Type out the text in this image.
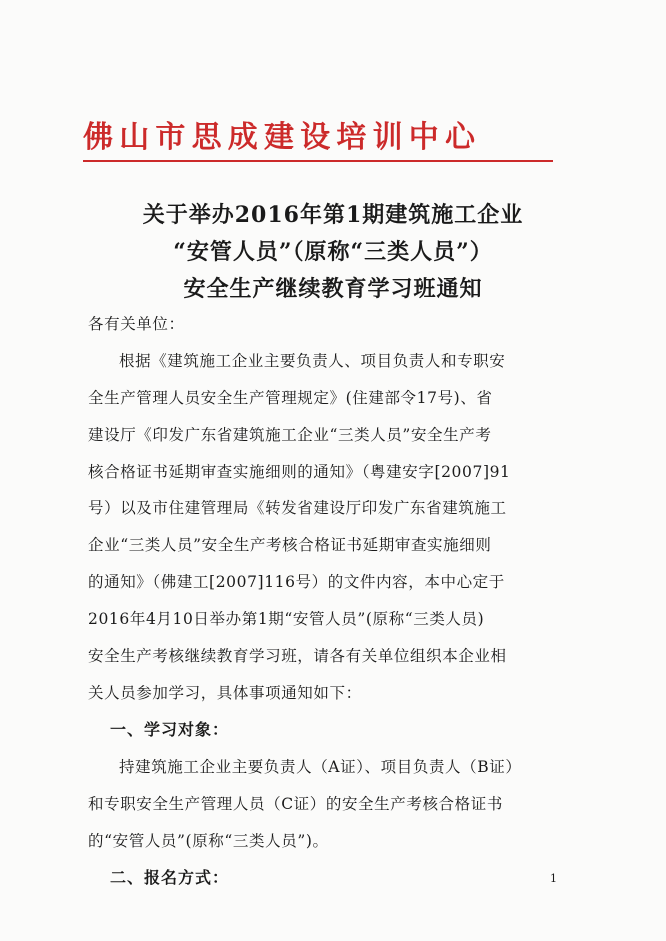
佛山市思成建设培训中心
关于举办2016年第1期建筑施工企业
“安管人员”（原称“三类人员”）
安全生产继续教育学习班通知
各有关单位：
根据《建筑施工企业主要负责人、项目负责人和专职安
全生产管理人员安全生产管理规定》(住建部令17号)、省
建设厅《印发广东省建筑施工企业“三类人员”安全生产考
核合格证书延期审查实施细则的通知》（粤建安字[2007]91
号）以及市住建管理局《转发省建设厅印发广东省建筑施工
企业“三类人员”安全生产考核合格证书延期审查实施细则
的通知》（佛建工[2007]116号）的文件内容，本中心定于
2016年4月10日举办第1期“安管人员”(原称“三类人员)
安全生产考核继续教育学习班，请各有关单位组织本企业相
关人员参加学习，具体事项通知如下：
一、学习对象：
持建筑施工企业主要负责人（A证）、项目负责人（B证）
和专职安全生产管理人员（C证）的安全生产考核合格证书
的“安管人员”(原称“三类人员”)。
二、报名方式：	1
